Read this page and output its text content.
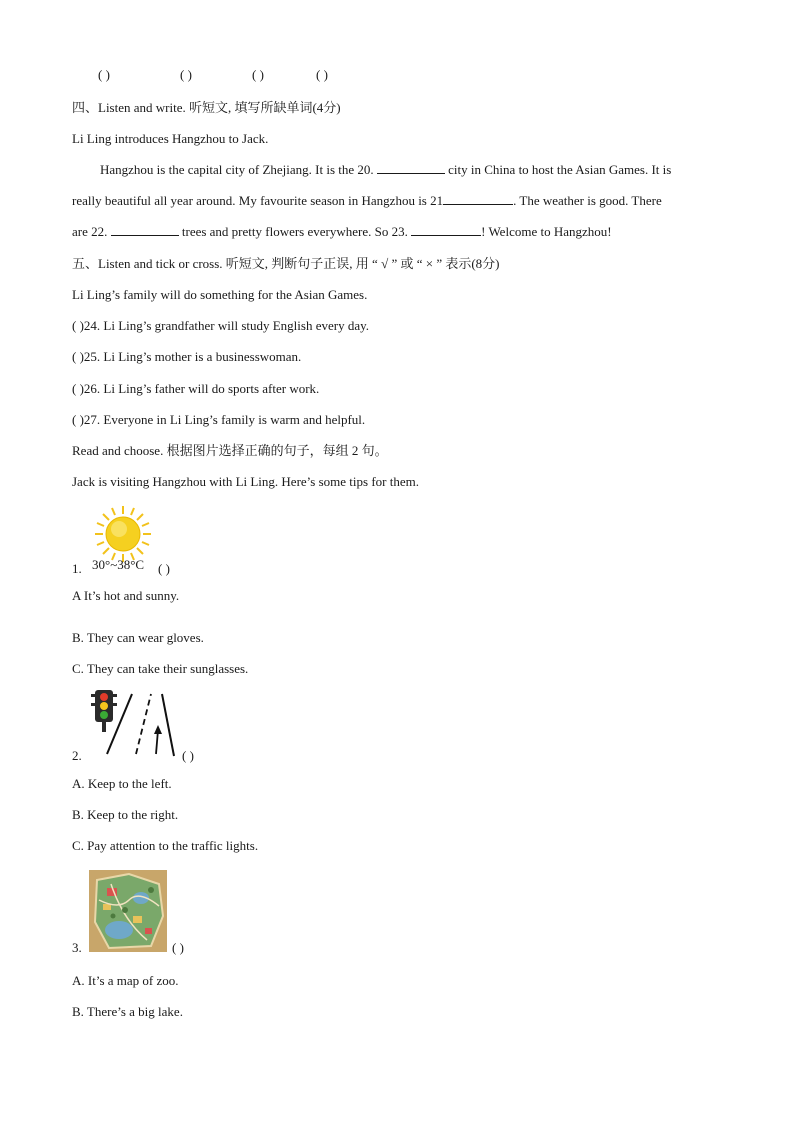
( )	( )	( )	( )
四、Listen and write. 听短文, 填写所缺单词(4分)
Li Ling introduces Hangzhou to Jack.
Hangzhou is the capital city of Zhejiang. It is the 20.	city in China to host the Asian Games. It is
really beautiful all year around. My favourite season in Hangzhou is 21	. The weather is good. There
are 22.	trees and pretty flowers everywhere. So 23.	! Welcome to Hangzhou!
五、Listen and tick or cross. 听短文, 判断句子正误, 用 “ √ ” 或 “ × ” 表示(8分)
Li Ling’s family will do something for the Asian Games.
( )24. Li Ling’s grandfather will study English every day.
( )25. Li Ling’s mother is a businesswoman.
( )26. Li Ling’s father will do sports after work.
( )27. Everyone in Li Ling’s family is warm and helpful.
Read and choose. 根据图片选择正确的句子，每组 2 句。
Jack is visiting Hangzhou with Li Ling. Here’s some tips for them.
1. 30°~38°C ( )
A It’s hot and sunny.
B. They can wear gloves.
C. They can take their sunglasses.
2.	( )
A. Keep to the left.
B. Keep to the right.
C. Pay attention to the traffic lights.
3.	( )
A. It’s a map of zoo.
B. There’s a big lake.
